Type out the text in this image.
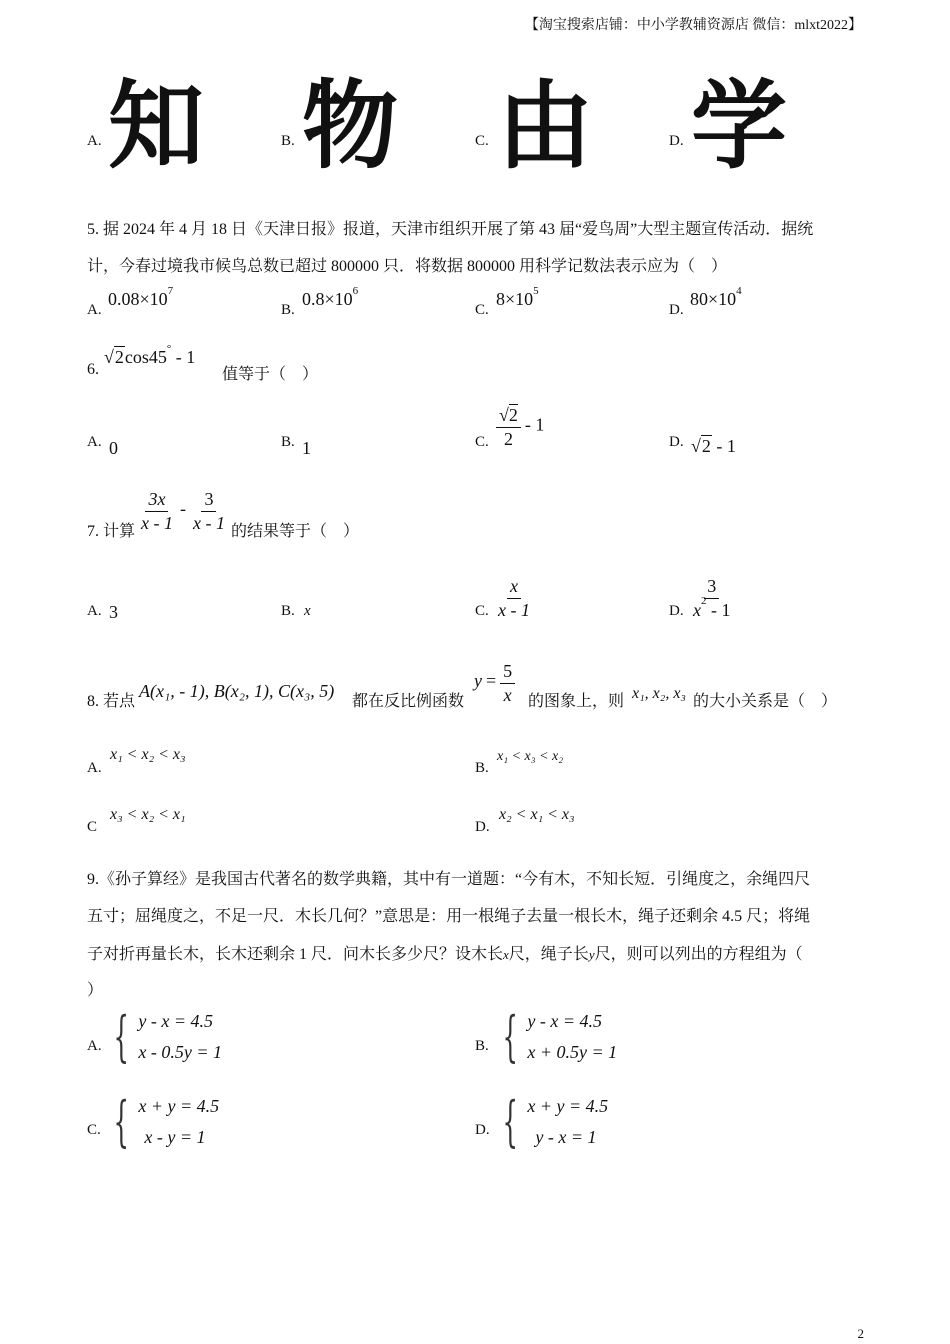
【淘宝搜索店铺：中小学教辅资源店 微信：mlxt2022】
A. 知	B. 物	C. 由	D. 学
5. 据 2024 年 4 月 18 日《天津日报》报道，天津市组织开展了第 43 届“爱鸟周”大型主题宣传活动．据统
计，今春过境我市候鸟总数已超过 800000 只．将数据 800000 用科学记数法表示应为（　）
A.
$0.08\times 10^7$
B.
$0.8\times 10^6$
C.
$8\times 10^5$
D.
$80\times 10^4$
6.
√2cos45° - 1
值等于（　）
A. 0	B. 1	C. $\frac{√2}{2} - 1$
D. √2 - 1
7. 计算 $\frac{3x}{x - 1} - \frac{3}{x - 1}$ 的结果等于（　）
A. 3	B. x	C. $\frac{x}{x - 1}$	D. $\frac{3}{x^2 - 1}$
8. 若点
A(x₁, - 1), B(x₂, 1), C(x₃, 5)
都在反比例函数
$y = \frac{5}{x}$ 的图象上，则 x₁, x₂, x₃ 的大小关系是（　）
A.
x₁ < x₂ < x₃
B.
x₁ < x₃ < x₂
C
x₃ < x₂ < x₁
D.
x₂ < x₁ < x₃
9.《孙子算经》是我国古代著名的数学典籍，其中有一道题：“今有木，不知长短．引绳度之，余绳四尺
五寸；屈绳度之，不足一尺．木长几何？”意思是：用一根绳子去量一根长木，绳子还剩余 4.5 尺；将绳
子对折再量长木，长木还剩余 1 尺．问木长多少尺？设木长x尺，绳子长y尺，则可以列出的方程组为（
）
A. { y - x = 4.5
x - 0.5y = 1	B. { y - x = 4.5
x + 0.5y = 1
C. { x + y = 4.5
x - y = 1	D. { x + y = 4.5
y - x = 1
2
